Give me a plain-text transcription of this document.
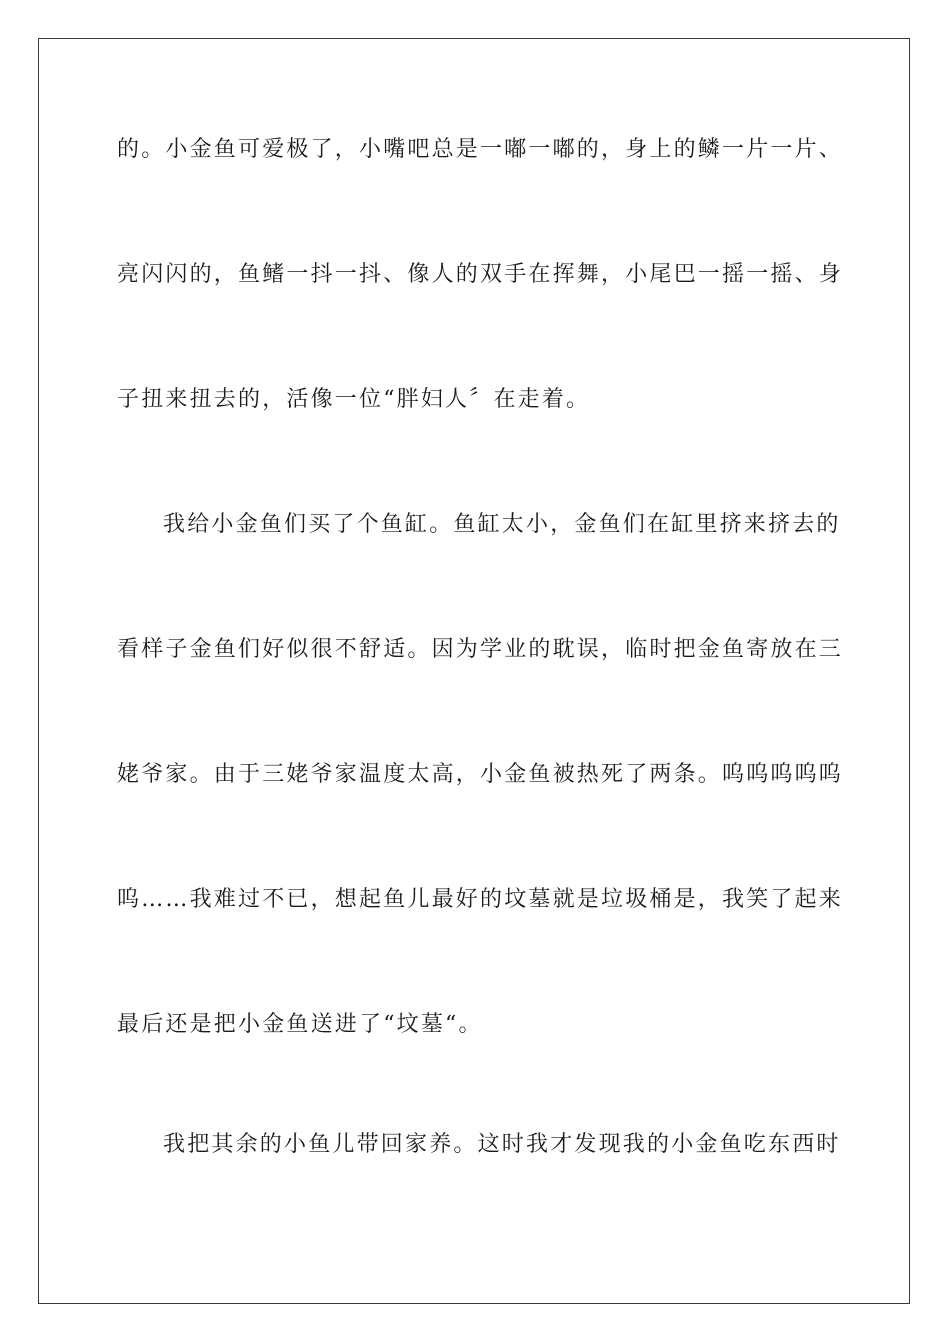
的。小金鱼可爱极了，小嘴吧总是一嘟一嘟的，身上的鳞一片一片、
亮闪闪的，鱼鳍一抖一抖、像人的双手在挥舞，小尾巴一摇一摇、身
子扭来扭去的，活像一位“胖妇人〞在走着。
我给小金鱼们买了个鱼缸。鱼缸太小，金鱼们在缸里挤来挤去的
看样子金鱼们好似很不舒适。因为学业的耽误，临时把金鱼寄放在三
姥爷家。由于三姥爷家温度太高，小金鱼被热死了两条。呜呜呜呜呜
呜……我难过不已，想起鱼儿最好的坟墓就是垃圾桶是，我笑了起来
最后还是把小金鱼送进了“坟墓“。
我把其余的小鱼儿带回家养。这时我才发现我的小金鱼吃东西时
